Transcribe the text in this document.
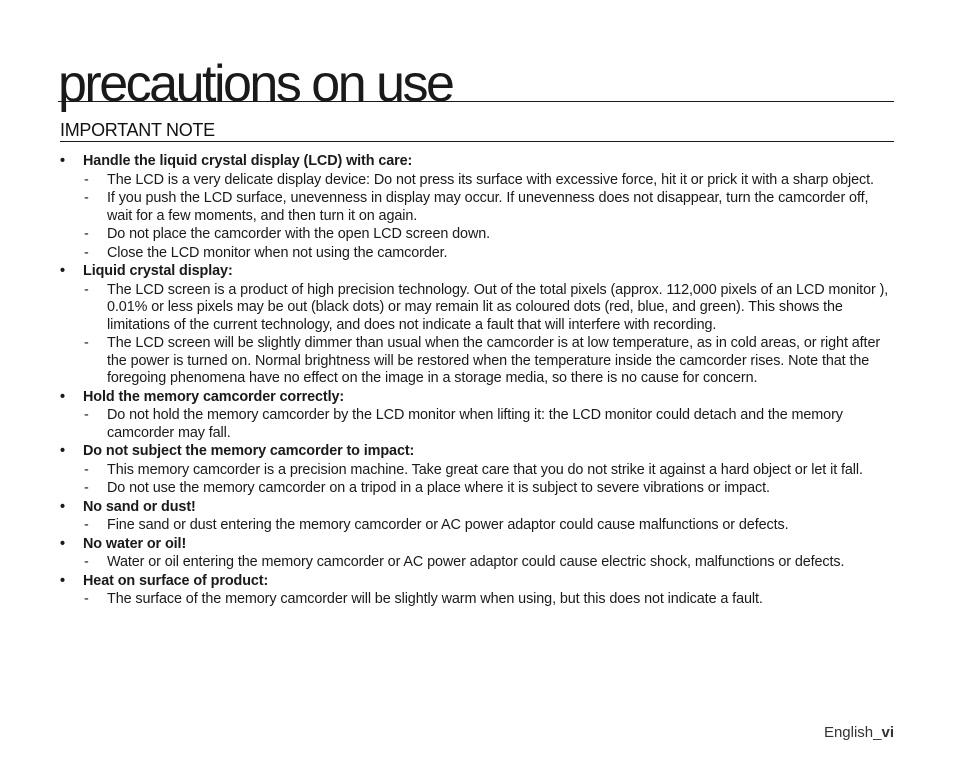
precautions on use
IMPORTANT NOTE
• Handle the liquid crystal display (LCD) with care:
- The LCD is a very delicate display device: Do not press its surface with excessive force, hit it or prick it with a sharp object.
- If you push the LCD surface, unevenness in display may occur. If unevenness does not disappear, turn the camcorder off, wait for a few moments, and then turn it on again.
- Do not place the camcorder with the open LCD screen down.
- Close the LCD monitor when not using the camcorder.
• Liquid crystal display:
- The LCD screen is a product of high precision technology. Out of the total pixels (approx. 112,000 pixels of an LCD monitor ), 0.01% or less pixels may be out (black dots) or may remain lit as coloured dots (red, blue, and green). This shows the limitations of the current technology, and does not indicate a fault that will interfere with recording.
- The LCD screen will be slightly dimmer than usual when the camcorder is at low temperature, as in cold areas, or right after the power is turned on. Normal brightness will be restored when the temperature inside the camcorder rises. Note that the foregoing phenomena have no effect on the image in a storage media, so there is no cause for concern.
• Hold the memory camcorder correctly:
- Do not hold the memory camcorder by the LCD monitor when lifting it: the LCD monitor could detach and the memory camcorder may fall.
• Do not subject the memory camcorder to impact:
- This memory camcorder is a precision machine. Take great care that you do not strike it against a hard object or let it fall.
- Do not use the memory camcorder on a tripod in a place where it is subject to severe vibrations or impact.
• No sand or dust!
- Fine sand or dust entering the memory camcorder or AC power adaptor could cause malfunctions or defects.
• No water or oil!
- Water or oil entering the memory camcorder or AC power adaptor could cause electric shock, malfunctions or defects.
• Heat on surface of product:
- The surface of the memory camcorder will be slightly warm when using, but this does not indicate a fault.
English_vi
